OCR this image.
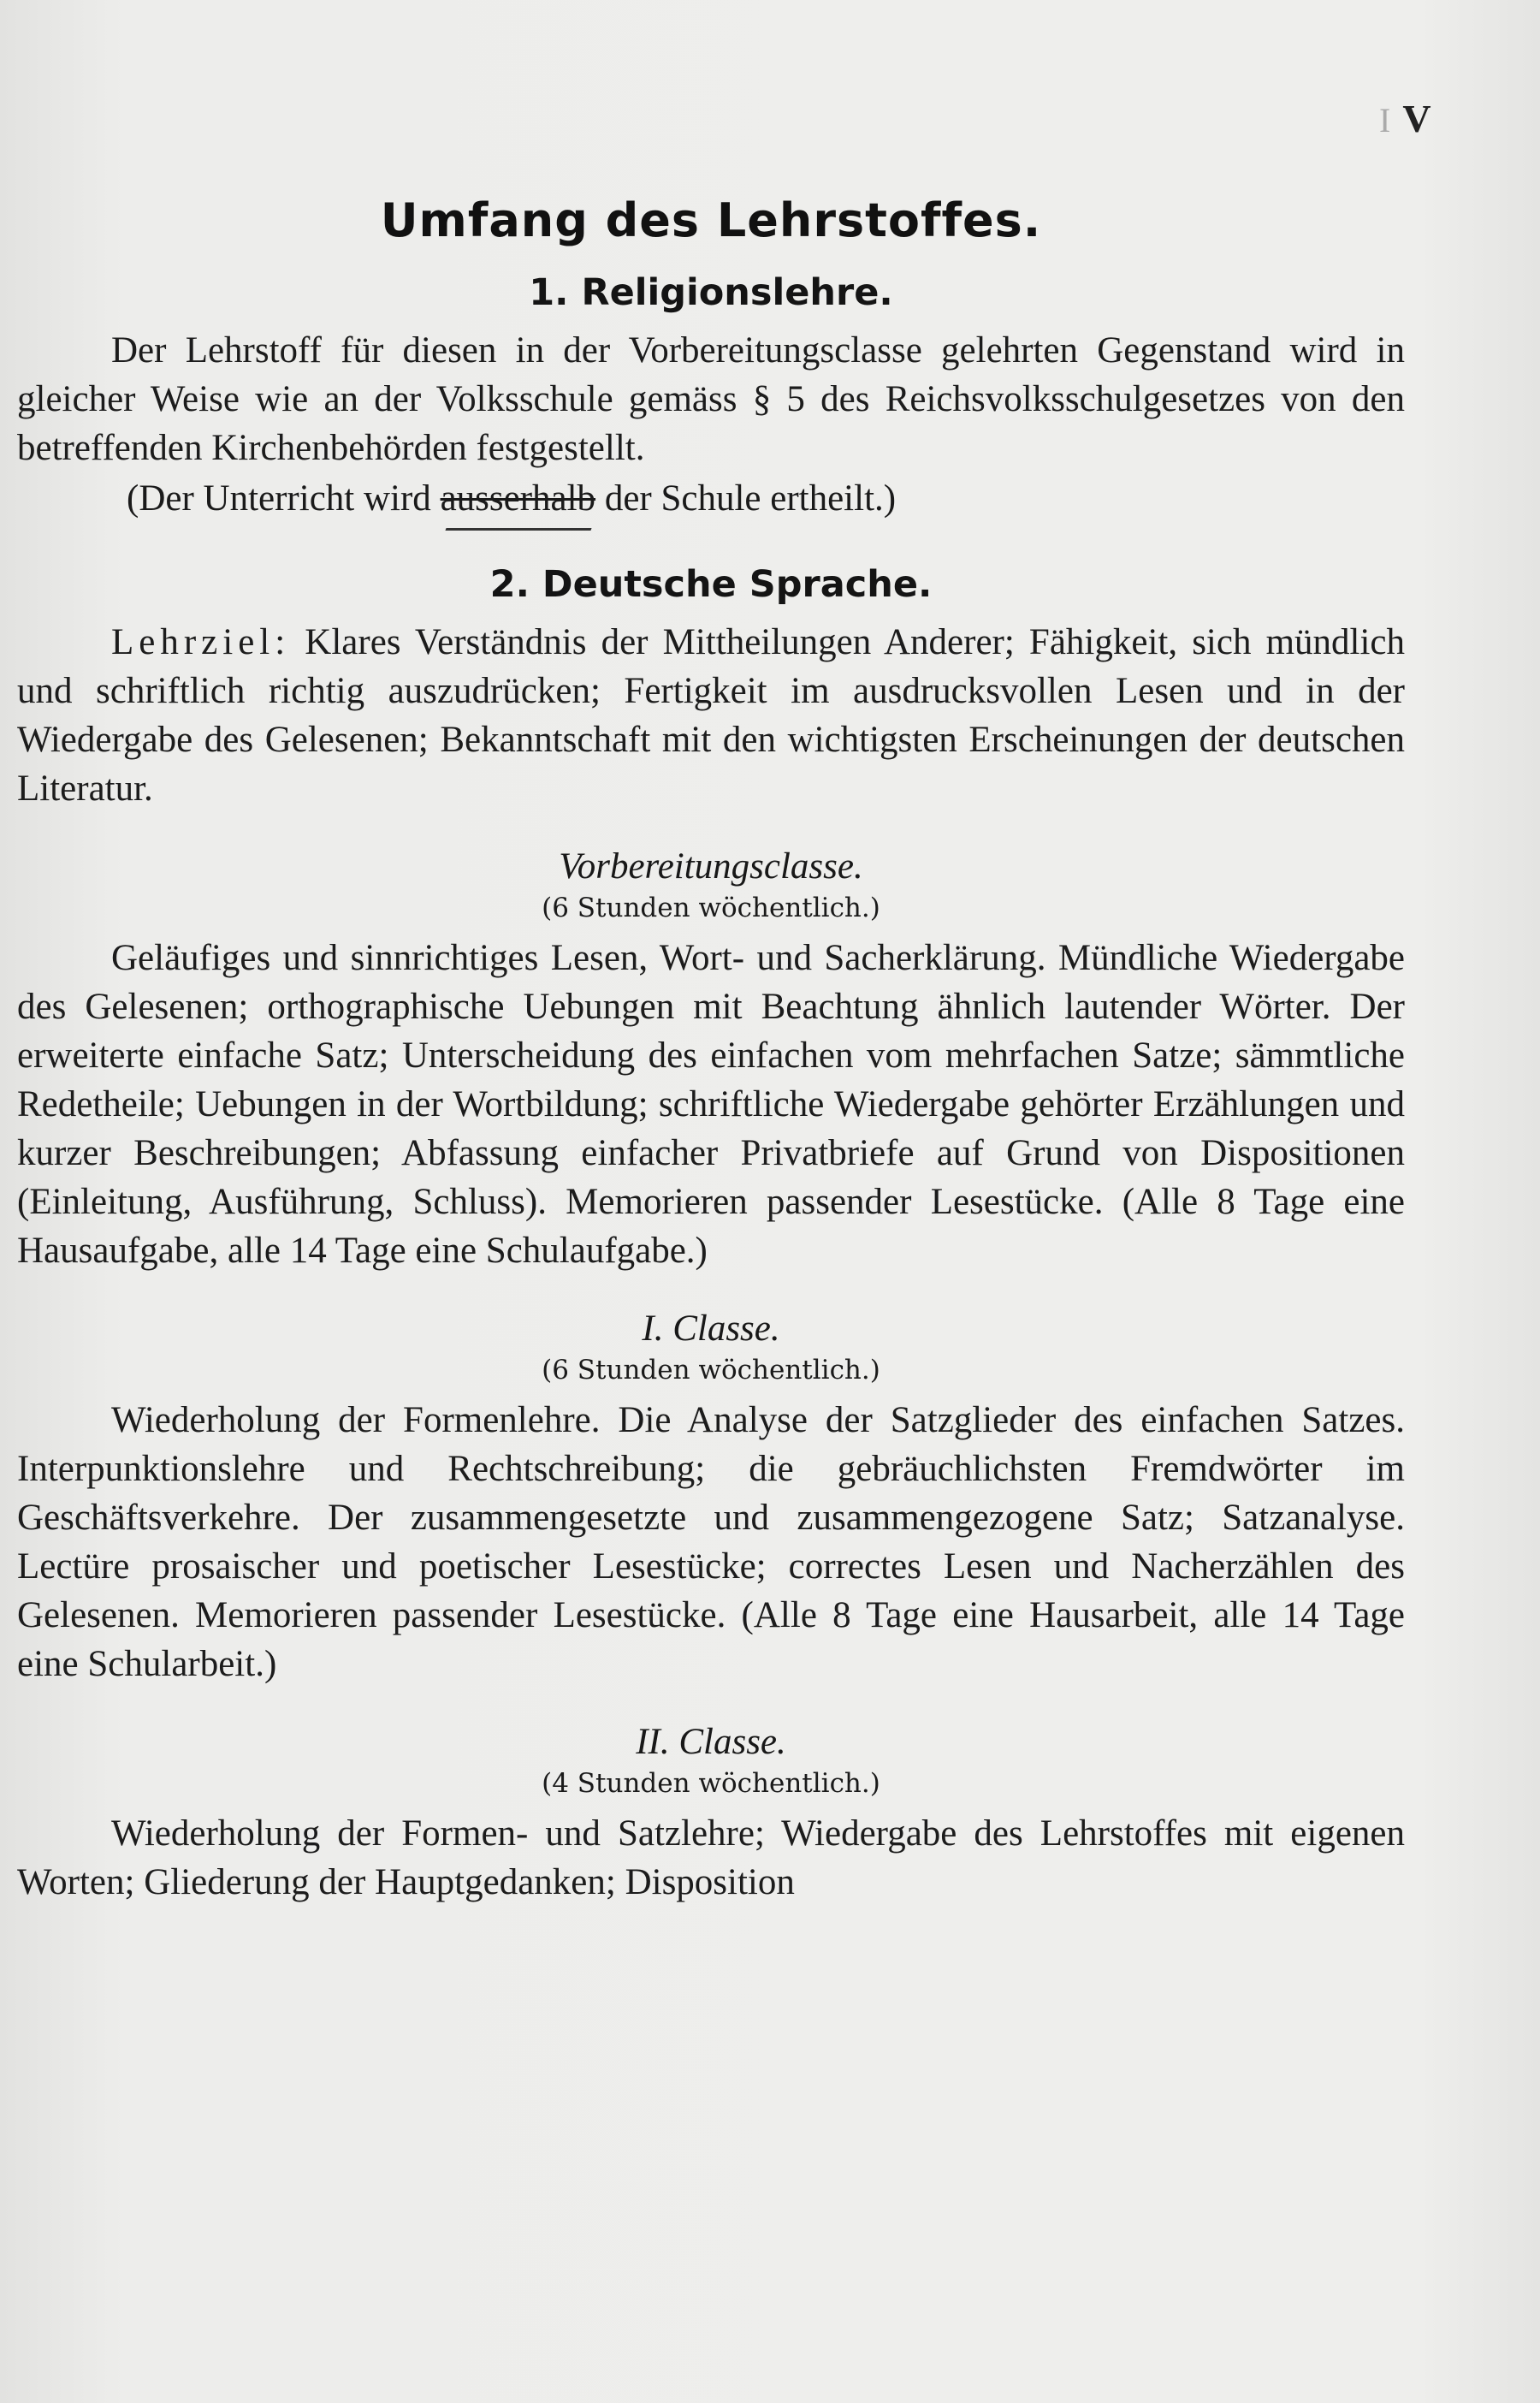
I V
Umfang des Lehrstoffes.
1. Religionslehre.

Der Lehrstoff für diesen in der Vorbereitungsclasse gelehrten Gegenstand wird in gleicher Weise wie an der Volksschule gemäss § 5 des Reichsvolksschulgesetzes von den betreffenden Kirchenbehörden festgestellt.

(Der Unterricht wird ausserhalb der Schule ertheilt.)
2. Deutsche Sprache.

Lehrziel: Klares Verständnis der Mittheilungen Anderer; Fähigkeit, sich mündlich und schriftlich richtig auszudrücken; Fertigkeit im ausdrucksvollen Lesen und in der Wiedergabe des Gelesenen; Bekanntschaft mit den wichtigsten Erscheinungen der deutschen Literatur.

Vorbereitungsclasse.
(6 Stunden wöchentlich.)

Geläufiges und sinnrichtiges Lesen, Wort- und Sacherklärung. Mündliche Wiedergabe des Gelesenen; orthographische Uebungen mit Beachtung ähnlich lautender Wörter. Der erweiterte einfache Satz; Unterscheidung des einfachen vom mehrfachen Satze; sämmtliche Redetheile; Uebungen in der Wortbildung; schriftliche Wiedergabe gehörter Erzählungen und kurzer Beschreibungen; Abfassung einfacher Privatbriefe auf Grund von Dispositionen (Einleitung, Ausführung, Schluss). Memorieren passender Lesestücke. (Alle 8 Tage eine Hausaufgabe, alle 14 Tage eine Schulaufgabe.)

I. Classe.
(6 Stunden wöchentlich.)

Wiederholung der Formenlehre. Die Analyse der Satzglieder des einfachen Satzes. Interpunktionslehre und Rechtschreibung; die gebräuchlichsten Fremdwörter im Geschäftsverkehre. Der zusammengesetzte und zusammengezogene Satz; Satzanalyse. Lectüre prosaischer und poetischer Lesestücke; correctes Lesen und Nacherzählen des Gelesenen. Memorieren passender Lesestücke. (Alle 8 Tage eine Hausarbeit, alle 14 Tage eine Schularbeit.)

II. Classe.
(4 Stunden wöchentlich.)

Wiederholung der Formen- und Satzlehre; Wiedergabe des Lehrstoffes mit eigenen Worten; Gliederung der Hauptgedanken; Disposition
